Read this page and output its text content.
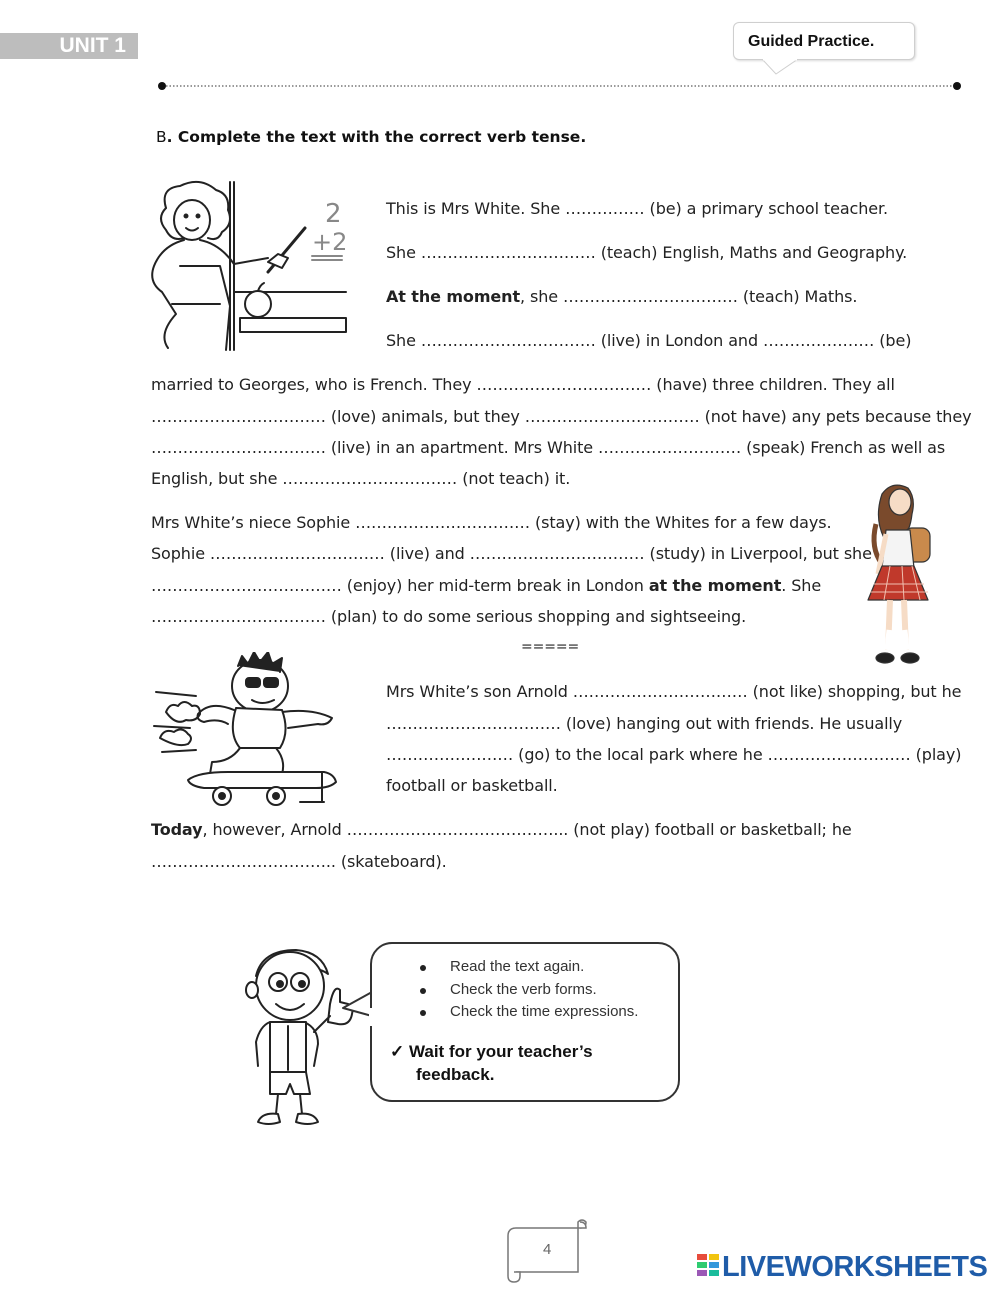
UNIT 1	Guided Practice.
B. Complete the text with the correct verb tense.
2
+2
This is Mrs White. She …………… (be) a primary school teacher.
She …………………………… (teach) English, Maths and Geography.
At the moment, she …………………………… (teach) Maths.
She …………………………… (live) in London and ………………… (be)
married to Georges, who is French. They …………………………… (have) three children. They all
…………………………… (love) animals, but they …………………………… (not have) any pets because they
…………………………… (live) in an apartment. Mrs White ……………………… (speak) French as well as
English, but she …………………………… (not teach) it.
Mrs White’s niece Sophie …………………………… (stay) with the Whites for a few days.
Sophie …………………………… (live) and …………………………… (study) in Liverpool, but she
……………………………… (enjoy) her mid-term break in London at the moment. She
…………………………… (plan) to do some serious shopping and sightseeing.
=====
Mrs White’s son Arnold …………………………… (not like) shopping, but he
…………………………… (love) hanging out with friends. He usually
…………………… (go) to the local park where he ……………………… (play)
football or basketball.
Today, however, Arnold …………………………………... (not play) football or basketball; he
…………………………….. (skateboard).
Read the text again.
Check the verb forms.
Check the time expressions.
✓ Wait for your teacher’s
feedback.
4
LIVEWORKSHEETS
